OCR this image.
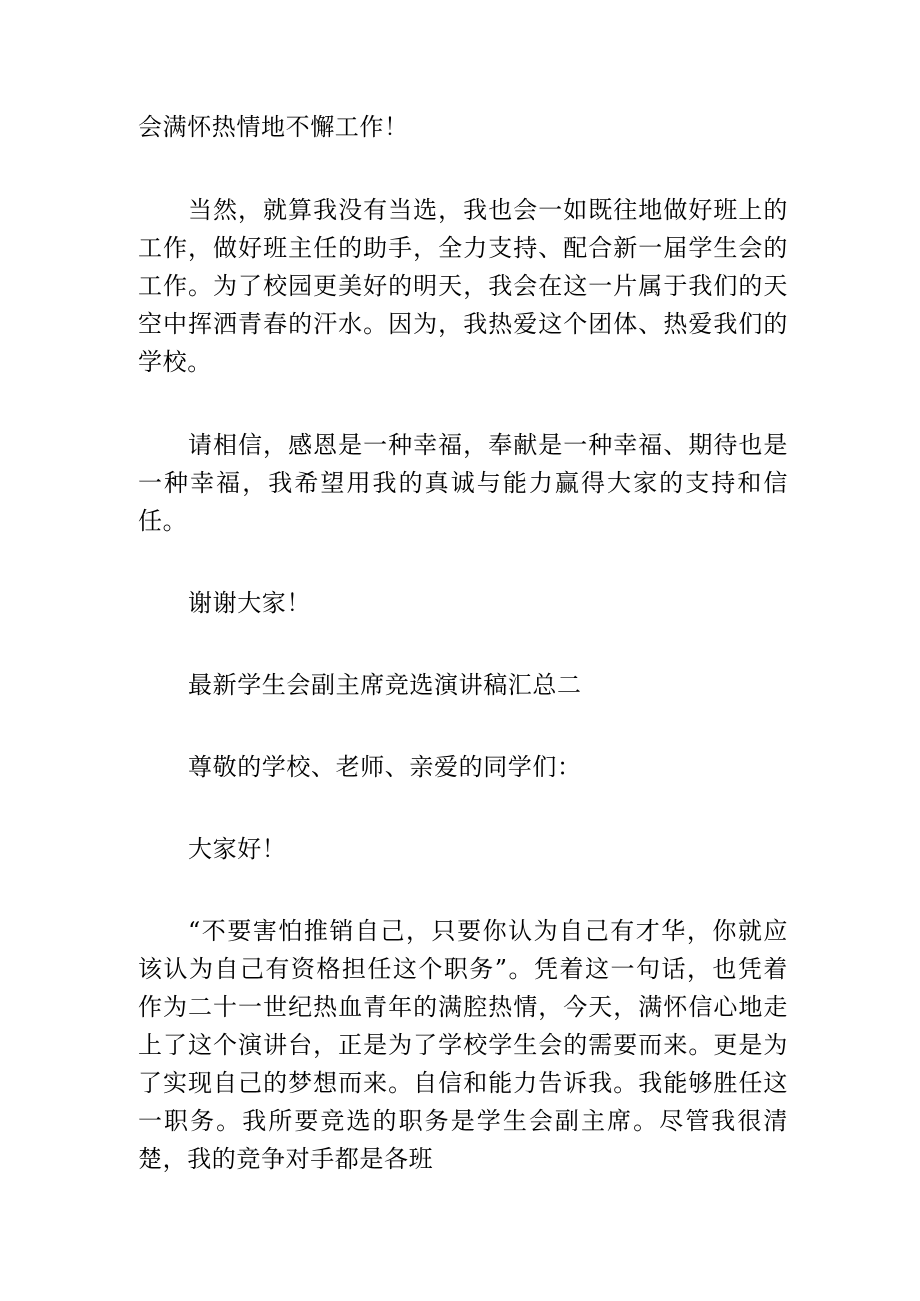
会满怀热情地不懈工作！

当然，就算我没有当选，我也会一如既往地做好班上的工作，做好班主任的助手，全力支持、配合新一届学生会的工作。为了校园更美好的明天，我会在这一片属于我们的天空中挥洒青春的汗水。因为，我热爱这个团体、热爱我们的学校。

请相信，感恩是一种幸福，奉献是一种幸福、期待也是一种幸福，我希望用我的真诚与能力赢得大家的支持和信任。

谢谢大家！

最新学生会副主席竞选演讲稿汇总二

尊敬的学校、老师、亲爱的同学们：

大家好！

“不要害怕推销自己，只要你认为自己有才华，你就应该认为自己有资格担任这个职务”。凭着这一句话，也凭着作为二十一世纪热血青年的满腔热情，今天，满怀信心地走上了这个演讲台，正是为了学校学生会的需要而来。更是为了实现自己的梦想而来。自信和能力告诉我。我能够胜任这一职务。我所要竞选的职务是学生会副主席。尽管我很清楚，我的竞争对手都是各班
